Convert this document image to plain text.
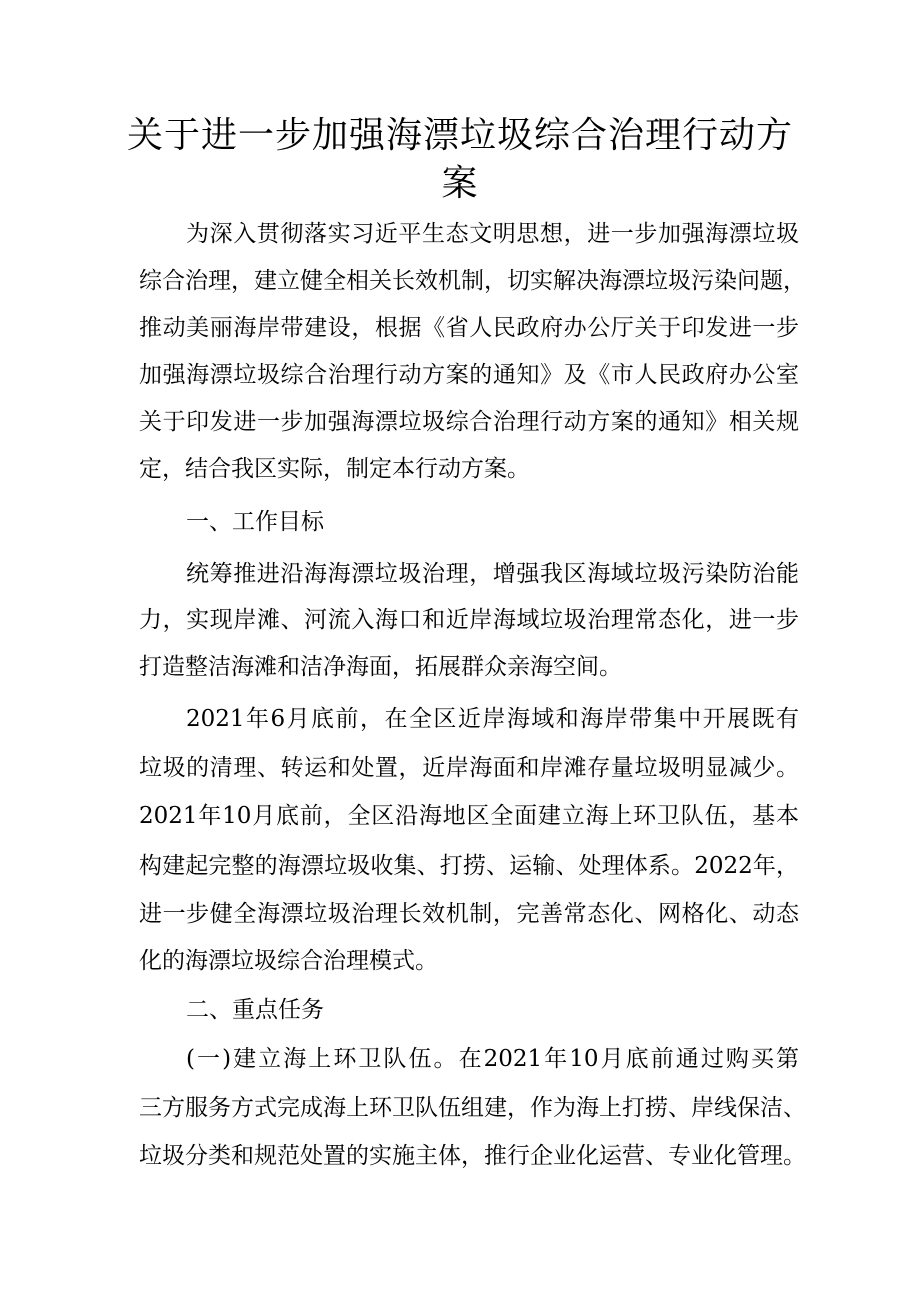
关于进一步加强海漂垃圾综合治理行动方
案
为深入贯彻落实习近平生态文明思想，进一步加强海漂垃圾
综合治理，建立健全相关长效机制，切实解决海漂垃圾污染问题，
推动美丽海岸带建设，根据《省人民政府办公厅关于印发进一步
加强海漂垃圾综合治理行动方案的通知》及《市人民政府办公室
关于印发进一步加强海漂垃圾综合治理行动方案的通知》相关规
定，结合我区实际，制定本行动方案。
一、工作目标
统筹推进沿海海漂垃圾治理，增强我区海域垃圾污染防治能
力，实现岸滩、河流入海口和近岸海域垃圾治理常态化，进一步
打造整洁海滩和洁净海面，拓展群众亲海空间。
2021年6月底前，在全区近岸海域和海岸带集中开展既有
垃圾的清理、转运和处置，近岸海面和岸滩存量垃圾明显减少。
2021年10月底前，全区沿海地区全面建立海上环卫队伍，基本
构建起完整的海漂垃圾收集、打捞、运输、处理体系。2022年，
进一步健全海漂垃圾治理长效机制，完善常态化、网格化、动态
化的海漂垃圾综合治理模式。
二、重点任务
(一)建立海上环卫队伍。在2021年10月底前通过购买第
三方服务方式完成海上环卫队伍组建，作为海上打捞、岸线保洁、
垃圾分类和规范处置的实施主体，推行企业化运营、专业化管理。
